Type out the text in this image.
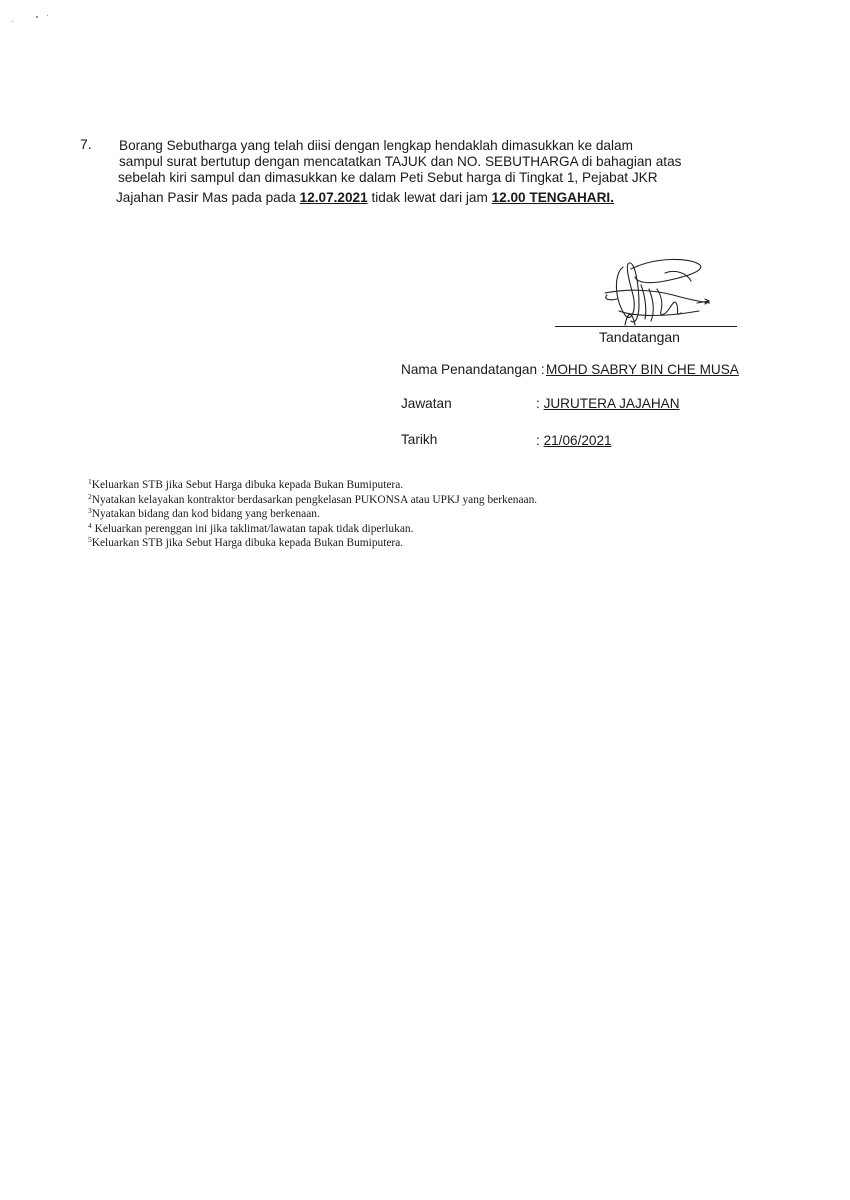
7. Borang Sebutharga yang telah diisi dengan lengkap hendaklah dimasukkan ke dalam
sampul surat bertutup dengan mencatatkan TAJUK dan NO. SEBUTHARGA di bahagian atas
sebelah kiri sampul dan dimasukkan ke dalam Peti Sebut harga di Tingkat 1, Pejabat JKR
Jajahan Pasir Mas pada pada 12.07.2021 tidak lewat dari jam 12.00 TENGAHARI.
Tandatangan
Nama Penandatangan : MOHD SABRY BIN CHE MUSA
Jawatan	: JURUTERA JAJAHAN
Tarikh	: 21/06/2021
$^1$Keluarkan STB jika Sebut Harga dibuka kepada Bukan Bumiputera.
$^2$Nyatakan kelayakan kontraktor berdasarkan pengkelasan PUKONSA atau UPKJ yang berkenaan.
$^3$Nyatakan bidang dan kod bidang yang berkenaan.
$^4$ Keluarkan perenggan ini jika taklimat/lawatan tapak tidak diperlukan.
$^5$Keluarkan STB jika Sebut Harga dibuka kepada Bukan Bumiputera.
